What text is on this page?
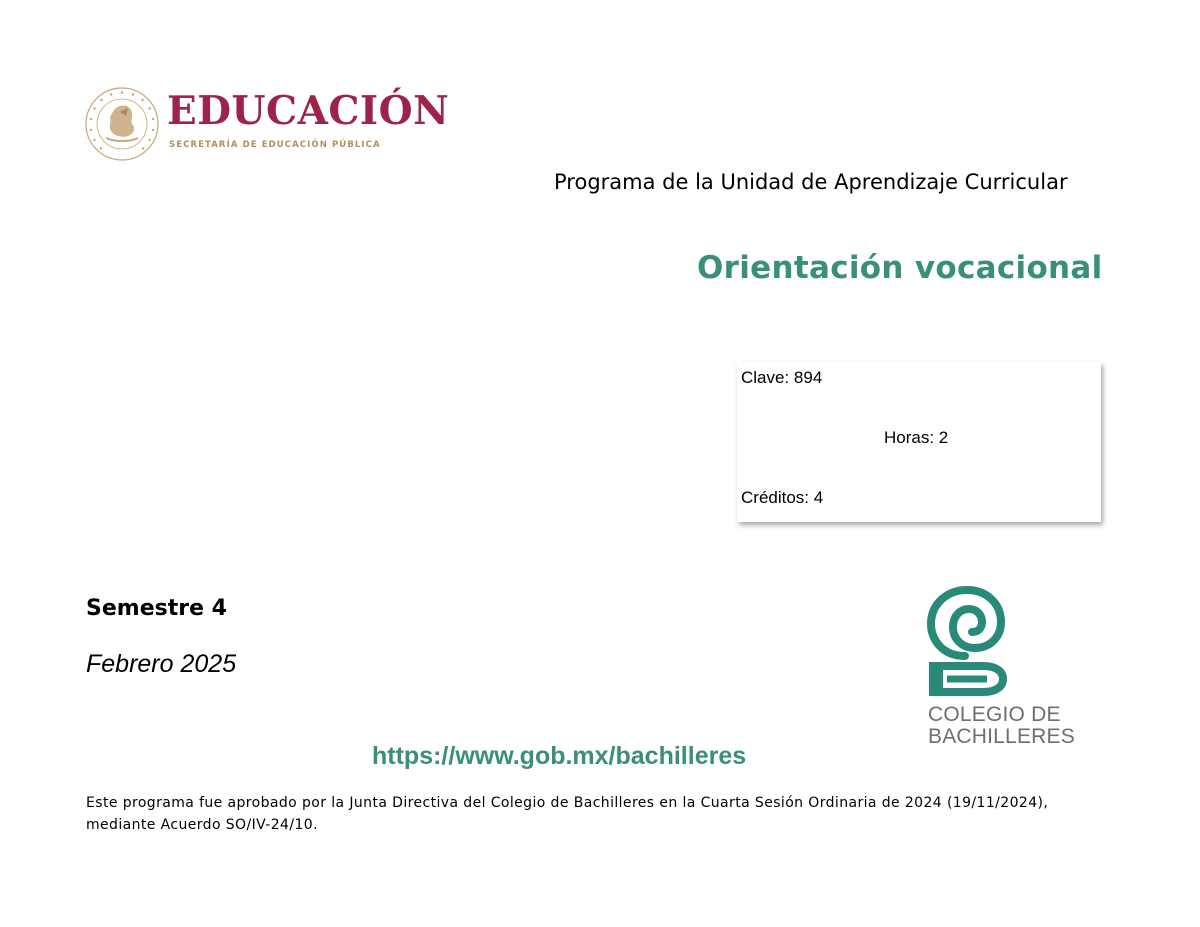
EDUCACIÓN
SECRETARÍA DE EDUCACIÓN PÚBLICA
Programa de la Unidad de Aprendizaje Curricular
Orientación vocacional
Clave: 894
Horas: 2
Créditos: 4
Semestre 4
Febrero 2025
COLEGIO DE
BACHILLERES
https://www.gob.mx/bachilleres
Este programa fue aprobado por la Junta Directiva del Colegio de Bachilleres en la Cuarta Sesión Ordinaria de 2024 (19/11/2024), mediante Acuerdo SO/IV-24/10.
